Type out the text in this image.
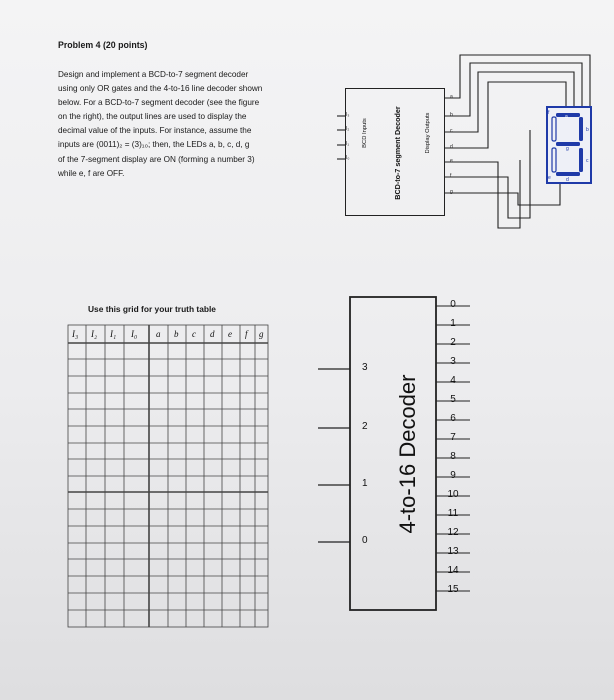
Problem 4 (20 points)
Design and implement a BCD-to-7 segment decoder
using only OR gates and the 4-to-16 line decoder shown
below. For a BCD-to-7 segment decoder (see the figure
on the right), the output lines are used to display the
decimal value of the inputs. For instance, assume the
inputs are (0011)₂ = (3)₁₀; then, the LEDs a, b, c, d, g
of the 7-segment display are ON (forming a number 3)
while e, f are OFF.
BCD Inputs	BCD-to-7 segment Decoder	Display Outputs
I₃
I₂
I₁
I₀
a
b
c
d
e
f
g
a
b
c
d
e
f
g
Use this grid for your truth table
I₃ I₂ I₁ I₀ a b c d e f g
4-to-16 Decoder
3
2
1
0
0
1
2
3
4
5
6
7
8
9
10
11
12
13
14
15
